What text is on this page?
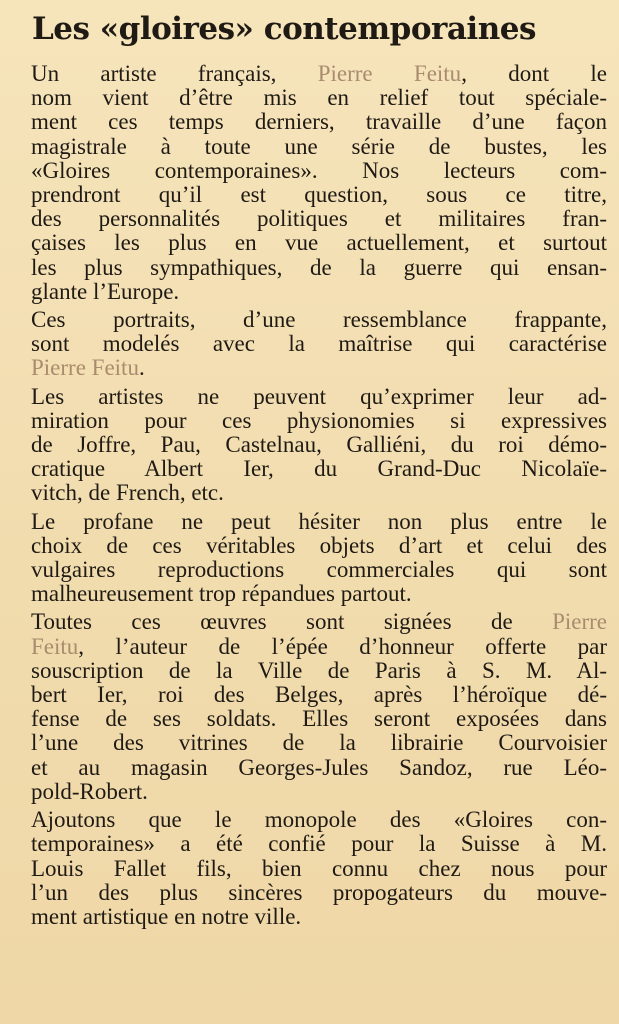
Les «gloires» contemporaines

Un artiste français, Pierre Feitu, dont le
nom vient d’être mis en relief tout spéciale-
ment ces temps derniers, travaille d’une façon
magistrale à toute une série de bustes, les
«Gloires contemporaines». Nos lecteurs com-
prendront qu’il est question, sous ce titre,
des personnalités politiques et militaires fran-
çaises les plus en vue actuellement, et surtout
les plus sympathiques, de la guerre qui ensan-
glante l’Europe.

Ces portraits, d’une ressemblance frappante,
sont modelés avec la maîtrise qui caractérise
Pierre Feitu.

Les artistes ne peuvent qu’exprimer leur ad-
miration pour ces physionomies si expressives
de Joffre, Pau, Castelnau, Galliéni, du roi démo-
cratique Albert Ier, du Grand-Duc Nicolaïe-
vitch, de French, etc.

Le profane ne peut hésiter non plus entre le
choix de ces véritables objets d’art et celui des
vulgaires reproductions commerciales qui sont
malheureusement trop répandues partout.

Toutes ces œuvres sont signées de Pierre
Feitu, l’auteur de l’épée d’honneur offerte par
souscription de la Ville de Paris à S. M. Al-
bert Ier, roi des Belges, après l’héroïque dé-
fense de ses soldats. Elles seront exposées dans
l’une des vitrines de la librairie Courvoisier
et au magasin Georges-Jules Sandoz, rue Léo-
pold-Robert.

Ajoutons que le monopole des «Gloires con-
temporaines» a été confié pour la Suisse à M.
Louis Fallet fils, bien connu chez nous pour
l’un des plus sincères propogateurs du mouve-
ment artistique en notre ville.
